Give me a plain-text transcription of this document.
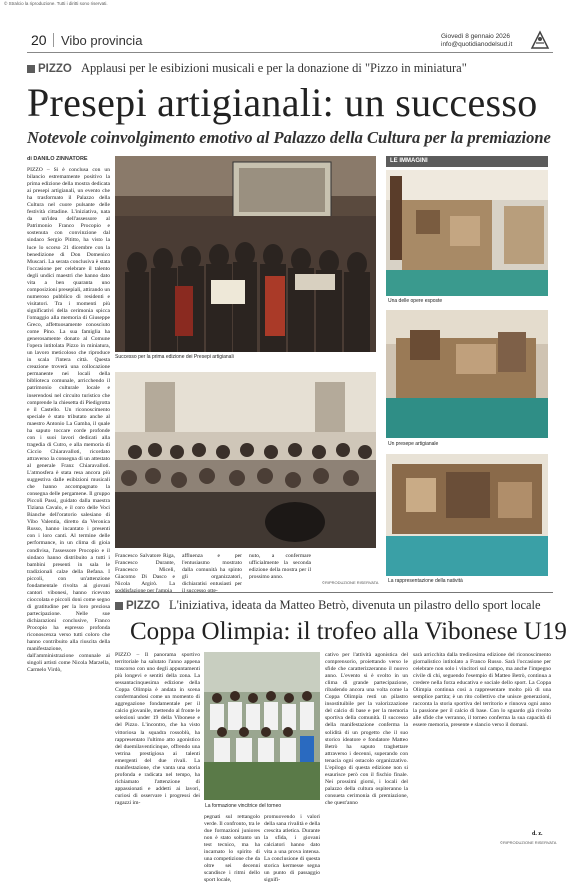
© Stralcio la riproduzione. Tutti i diritti sono riservati.
20 Vibo provincia	Giovedì 8 gennaio 2026
info@quotidianodelsud.it
PIZZO Applausi per le esibizioni musicali e per la donazione di "Pizzo in miniatura"
Presepi artigianali: un successo
Notevole coinvolgimento emotivo al Palazzo della Cultura per la premiazione
di DANILO ZINNATORE

PIZZO – Si è conclusa con un bilancio estremamente positivo la prima edizione della mostra dedicata ai presepi artigianali, un evento che ha trasformato il Palazzo della Cultura nel cuore pulsante delle festività cittadine. L'iniziativa, nata da un'idea dell'assessore al Patrimonio Franco Procopio e sostenuta con convinzione dal sindaco Sergio Pititto, ha visto la luce lo scorso 21 dicembre con la benedizione di Don Domenico Muscari. La serata conclusiva è stata l'occasione per celebrare il talento degli undici maestri che hanno dato vita a ben quaranta uno composizioni presepiali, attirando un numeroso pubblico di residenti e visitatori. Tra i momenti più significativi della cerimonia spicca l'omaggio alla memoria di Giuseppe Greco, affettuosamente conosciuto come Pino. La sua famiglia ha generosamente donato al Comune l'opera intitolata Pizzo in miniatura, un lavoro meticoloso che riproduce in scala l'intera città. Questa creazione troverà una collocazione permanente nei locali della biblioteca comunale, arricchendo il patrimonio culturale locale e inserendosi nel circuito turistico che comprende la chiesetta di Piedigrotta e il Castello. Un riconoscimento speciale è stato tributato anche al maestro Antonio La Gamba, il quale ha saputo toccare corde profonde con i suoi lavori dedicati alla tragedia di Cutro, e alla memoria di Cicciо Chiaravalloti, ricordato attraverso la consegna di un attestato al generale Franz Chiaravalloti. L'atmosfera è stata resa ancora più suggestiva dalle esibizioni musicali che hanno accompagnato la consegna delle pergamene. Il gruppo Piccoli Passi, guidato dalla maestra Tiziana Cavalo, e il coro delle Voci Bianche dell'oratorio salesiano di Vibo Valentia, diretto da Veronica Russo, hanno incantato i presenti con i loro canti. Al termine delle performance, in un clima di gioia condivisa, l'assessore Procopio e il sindaco hanno distribuito a tutti i bambini presenti in sala le tradizionali calze della Befana. I piccoli, con un'attenzione fondamentale rivolta ai giovani cantori vibonesi, hanno ricevuto cioccolata e piccoli doni come segno di gratitudine per la loro preziosa partecipazione. Nelle sue dichiarazioni conclusive, Franco Procopio ha espresso profonda riconoscenza verso tutti coloro che hanno contribuito alla riuscita della manifestazione, dall'amministrazione comunale ai singoli artisti come Nicola Marzella, Carmelo Virdò,

Successo per la prima edizione dei Presepi artigianali

Francesco Salvatore Riga, Francesco Durante, Francesco Miceli, Giacomo Di Dasco e Nicola Argirò. La

affluenza e per l'entusiasmo mostrato dalla comunità ha spinto gli organizzatori, dichiaratisi entusiasti per

nuto, a confermare ufficialmente la seconda edizione della mostra per il prossimo anno.

©RIPRODUZIONE RISERVATA
LE IMMAGINI
Una delle opere esposte
Un presepe artigianale
La rappresentazione della natività
PIZZO L'iniziativa, ideata da Matteo Betrò, divenuta un pilastro dello sport locale
Coppa Olimpia: il trofeo alla Vibonese U19

PIZZO – Il panorama sportivo territoriale ha salutato l'anno appena trascorso con uno degli appuntamenti più longevi e sentiti della zona. La sessantacinquesima edizione della Coppa Olimpia è andata in scena confermandosi come un momento di aggregazione fondamentale per il calcio giovanile, mettendo al fronte le selezioni under 19 della Vibonese e del Pizzo. L'incontro, che ha visto vittoriosa la squadra rossoblù, ha rappresentato l'ultimo atto agonistico del duemilaventicinque, offrendo una vetrina prestigiosa ai talenti emergenti del due rivali. La manifestazione, che vanta una storia profonda e radicata nel tempo, ha richiamato l'attenzione di appassionati e addetti ai lavori, curiosi di osservare i progressi dei ragazzi im-

La formazione vincitrice del torneo

pegnati sul rettangolo verde. Il confronto, tra le due formazioni juniores non è stato soltanto un test tecnico, ma ha incarnato lo spirito di una competizione che da oltre sei decenni scandisce i ritmi dello sport locale,

promuovendo i valori della sana rivalità e della crescita atletica. Durante la sfida, i giovani calciatori hanno dato vita a una prova intensa. La conclusione di questa storica kermesse segna un punto di passaggio signifi-

cativo per l'attività agonistica del comprensorio, proiettando verso le sfide che caratterizzeranno il nuovo anno. L'evento si è svolto in un clima di grande partecipazione, ribadendo ancora una volta come la Coppa Olimpia resti un pilastro insostituibile per la valorizzazione del calcio di base e per la memoria sportiva della comunità. Il successo della manifestazione conferma la solidità di un progetto che il suo storico ideatore e fondatore Matteo Betrò ha saputo traghettare attraverso i decenni, superando con tenacia ogni ostacolo organizzativo. L'epilogo di questa edizione non si esaurisce però con il fischio finale. Nei prossimi giorni, i locali del palazzo della cultura ospiteranno la consueta cerimonia di premiazione, che quest'anno

sarà arricchita dalla tredicesima edizione del riconoscimento giornalistico intitolato a Franco Russo. Sarà l'occasione per celebrare non solo i vincitori sul campo, ma anche l'impegno civile di chi, seguendo l'esempio di Matteo Betrò, continua a credere nella forza educativa e sociale dello sport. La Coppa Olimpia continua così a rappresentare molto più di una semplice partita; è un rito collettivo che unisce generazioni, racconta la storia sportiva del territorio e rinnova ogni anno la passione per il calcio di base. Con lo sguardo già rivolto alle sfide che verranno, il torneo conferma la sua capacità di essere memoria, presente e slancio verso il domani.

d. z.
©RIPRODUZIONE RISERVATA
